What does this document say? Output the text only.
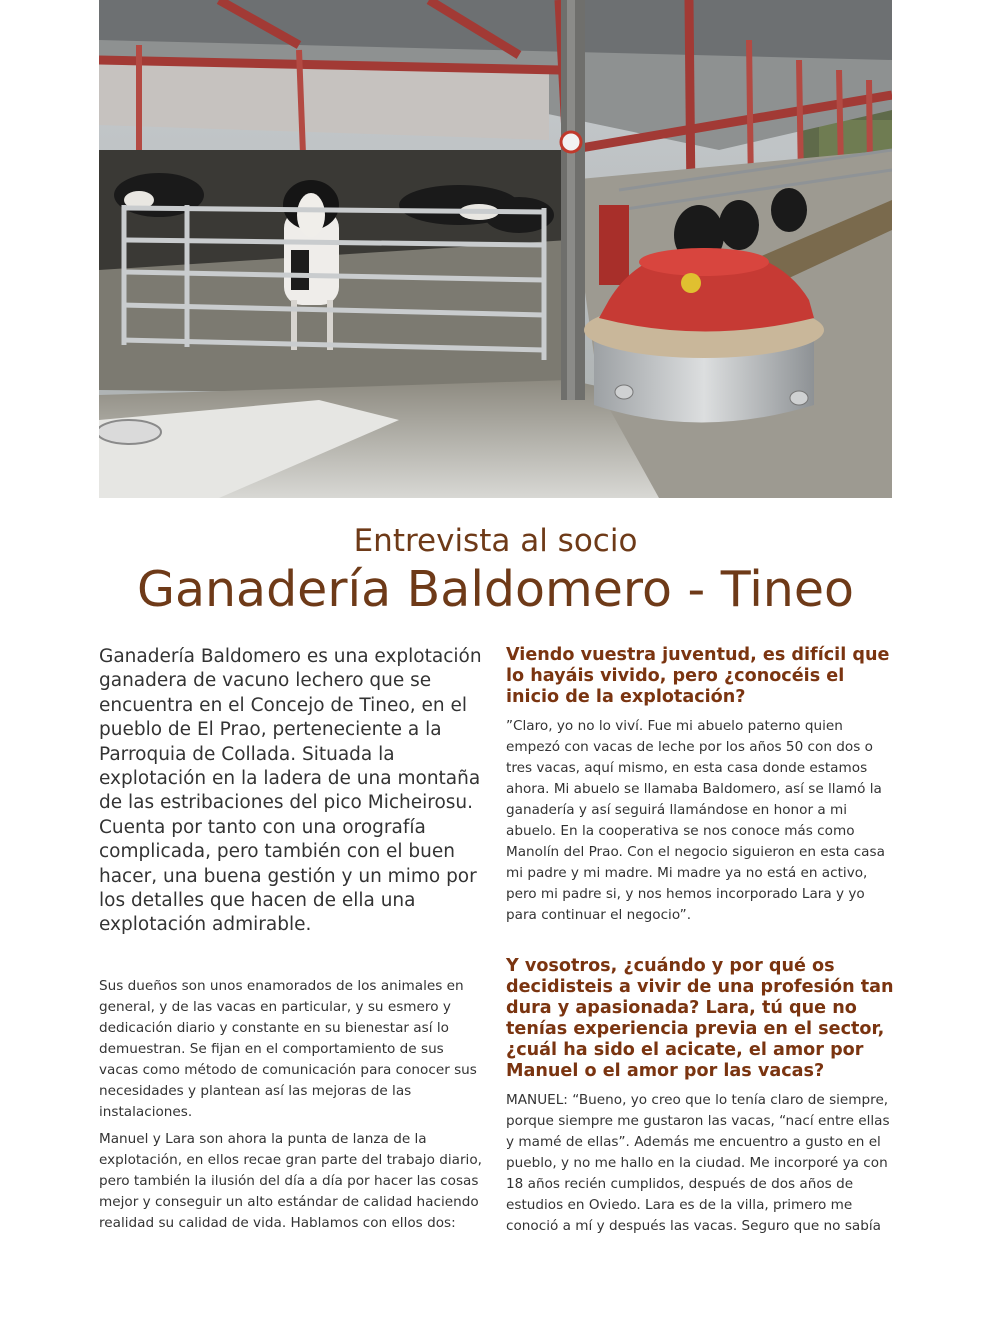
Entrevista al socio

Ganadería Baldomero - Tineo

Ganadería Baldomero es una explotación ganadera de vacuno lechero que se encuentra en el Concejo de Tineo, en el pueblo de El Prao, perteneciente a la Parroquia de Collada. Situada la explotación en la ladera de una montaña de las estribaciones del pico Micheirosu. Cuenta por tanto con una orografía complicada, pero también con el buen hacer, una buena gestión y un mimo por los detalles que hacen de ella una explotación admirable.

Sus dueños son unos enamorados de los animales en general, y de las vacas en particular, y su esmero y dedicación diario y constante en su bienestar así lo demuestran. Se fijan en el comportamiento de sus vacas como método de comunicación para conocer sus necesidades y plantean así las mejoras de las instalaciones.

Manuel y Lara son ahora la punta de lanza de la explotación, en ellos recae gran parte del trabajo diario, pero también la ilusión del día a día por hacer las cosas mejor y conseguir un alto estándar de calidad haciendo realidad su calidad de vida. Hablamos con ellos dos:

Viendo vuestra juventud, es difícil que lo hayáis vivido, pero ¿conocéis el inicio de la explotación?

”Claro, yo no lo viví. Fue mi abuelo paterno quien empezó con vacas de leche por los años 50 con dos o tres vacas, aquí mismo, en esta casa donde estamos ahora. Mi abuelo se llamaba Baldomero, así se llamó la ganadería y así seguirá llamándose en honor a mi abuelo. En la cooperativa se nos conoce más como Manolín del Prao. Con el negocio siguieron en esta casa mi padre y mi madre. Mi madre ya no está en activo, pero mi padre si, y nos hemos incorporado Lara y yo para continuar el negocio”.

Y vosotros, ¿cuándo y por qué os decidisteis a vivir de una profesión tan dura y apasionada? Lara, tú que no tenías experiencia previa en el sector, ¿cuál ha sido el acicate, el amor por Manuel o el amor por las vacas?

MANUEL: “Bueno, yo creo que lo tenía claro de siempre, porque siempre me gustaron las vacas, “nací entre ellas y mamé de ellas”. Además me encuentro a gusto en el pueblo, y no me hallo en la ciudad. Me incorporé ya con 18 años recién cumplidos, después de dos años de estudios en Oviedo. Lara es de la villa, primero me conoció a mí y después las vacas. Seguro que no sabía
